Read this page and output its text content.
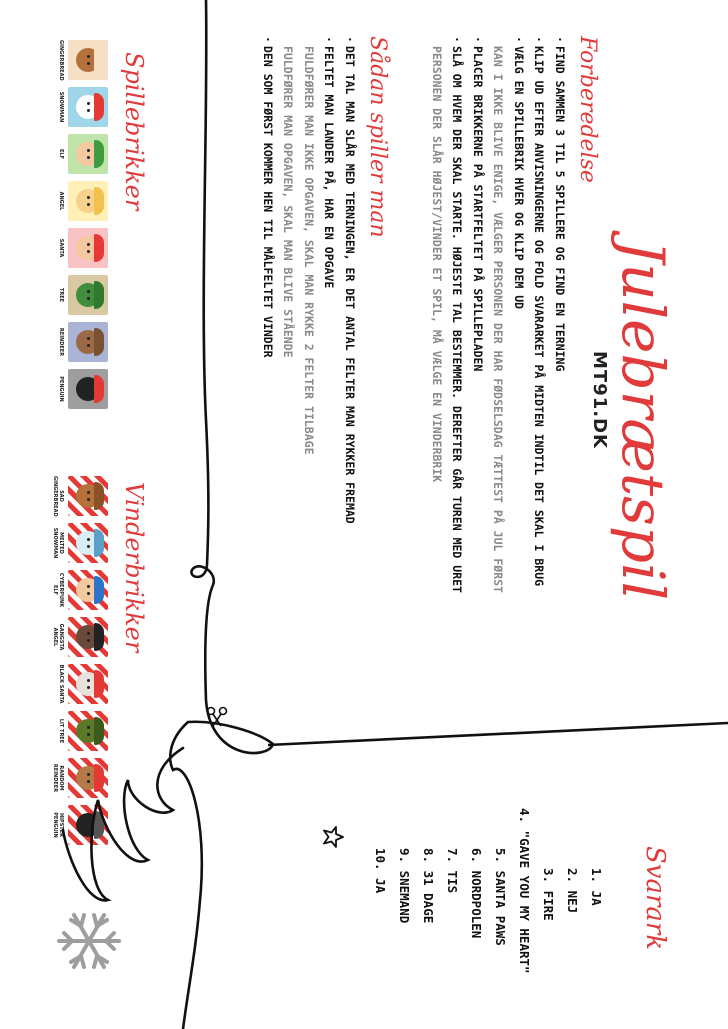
Julebrætspil
MT91.DK
Forberedelse
·FIND SAMMEN 3 TIL 5 SPILLERE OG FIND EN TERNING
·KLIP UD EFTER ANVISNINGERNE OG FOLD SVARARKET PÅ MIDTEN INDTIL DET SKAL I BRUG
·VÆLG EN SPILLEBRIK HVER OG KLIP DEM UD
KAN I IKKE BLIVE ENIGE, VÆLGER PERSONEN DER HAR FØDSELSDAG TÆTTEST PÅ JUL FØRST
·PLACER BRIKKERNE PÅ STARTFELTET PÅ SPILLEPLADEN
·SLÅ OM HVEM DER SKAL STARTE. HØJESTE TAL BESTEMMER. DEREFTER GÅR TUREN MED URET
PERSONEN DER SLÅR HØJEST/VINDER ET SPIL, MÅ VÆLGE EN VINDERBRIK
Sådan spiller man
·DET TAL MAN SLÅR MED TERNINGEN, ER DET ANTAL FELTER MAN RYKKER FREMAD
·FELTET MAN LANDER PÅ, HAR EN OPGAVE
FULDFØRER MAN IKKE OPGAVEN, SKAL MAN RYKKE 2 FELTER TILBAGE
FULDFØRER MAN OPGAVEN, SKAL MAN BLIVE STÅENDE
·DEN SOM FØRST KOMMER HEN TIL MÅLFELTET VINDER
Svarark
1. JA
2. NEJ
3. FIRE
4. "GAVE YOU MY HEART"
5. SANTA PAWS
6. NORDPOLEN
7. TIS
8. 31 DAGE
9. SNEMAND
10. JA
Spillebrikker
GINGERBREAD
SNOWMAN
ELF
ANGEL
SANTA
TREE
REINDEER
PENGUIN
Vinderbrikker
SAD GINGERBREAD
MELTED SNOWMAN
CYBERPUNK ELF
GANGSTA ANGEL
BLACK SANTA
LIT TREE
RANDOM REINDEER
HIPSTER PENGUIN
